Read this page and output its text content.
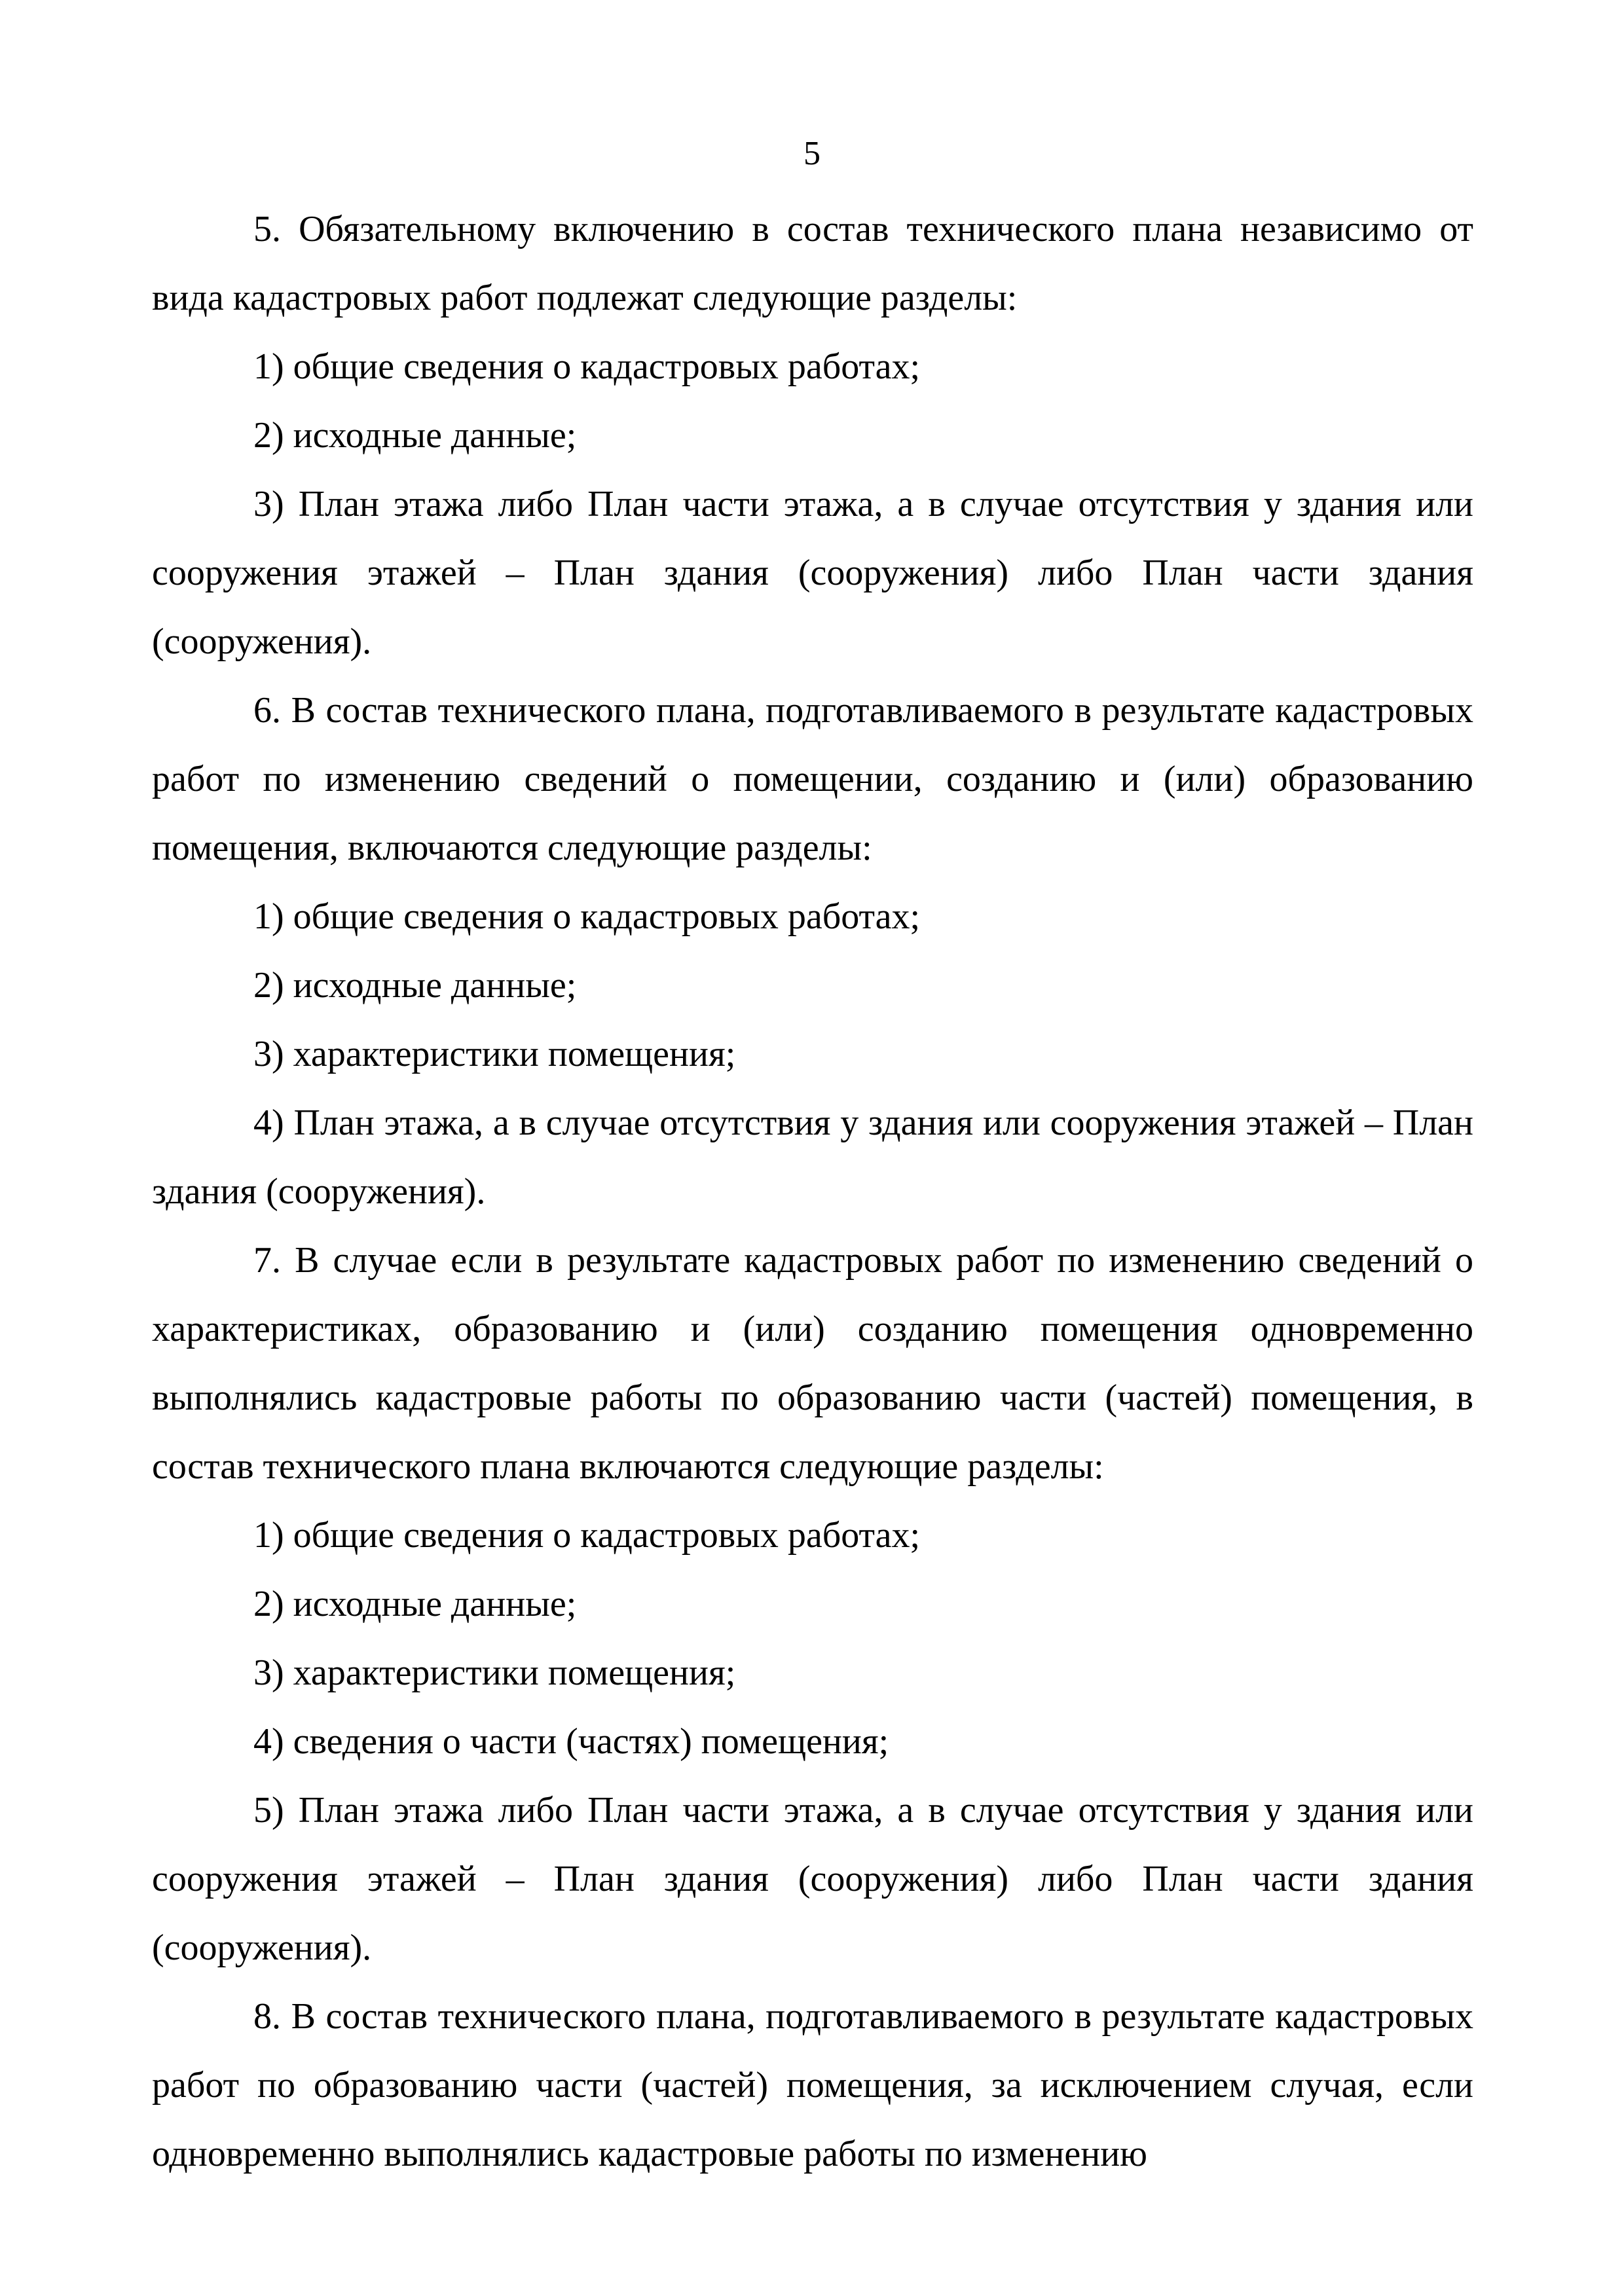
5

5. Обязательному включению в состав технического плана независимо от вида кадастровых работ подлежат следующие разделы:

1) общие сведения о кадастровых работах;

2) исходные данные;

3) План этажа либо План части этажа, а в случае отсутствия у здания или сооружения этажей – План здания (сооружения) либо План части здания (сооружения).

6. В состав технического плана, подготавливаемого в результате кадастровых работ по изменению сведений о помещении, созданию и (или) образованию помещения, включаются следующие разделы:

1) общие сведения о кадастровых работах;

2) исходные данные;

3) характеристики помещения;

4) План этажа, а в случае отсутствия у здания или сооружения этажей – План здания (сооружения).

7. В случае если в результате кадастровых работ по изменению сведений о характеристиках, образованию и (или) созданию помещения одновременно выполнялись кадастровые работы по образованию части (частей) помещения, в состав технического плана включаются следующие разделы:

1) общие сведения о кадастровых работах;

2) исходные данные;

3) характеристики помещения;

4) сведения о части (частях) помещения;

5) План этажа либо План части этажа, а в случае отсутствия у здания или сооружения этажей – План здания (сооружения) либо План части здания (сооружения).

8. В состав технического плана, подготавливаемого в результате кадастровых работ по образованию части (частей) помещения, за исключением случая, если одновременно выполнялись кадастровые работы по изменению
